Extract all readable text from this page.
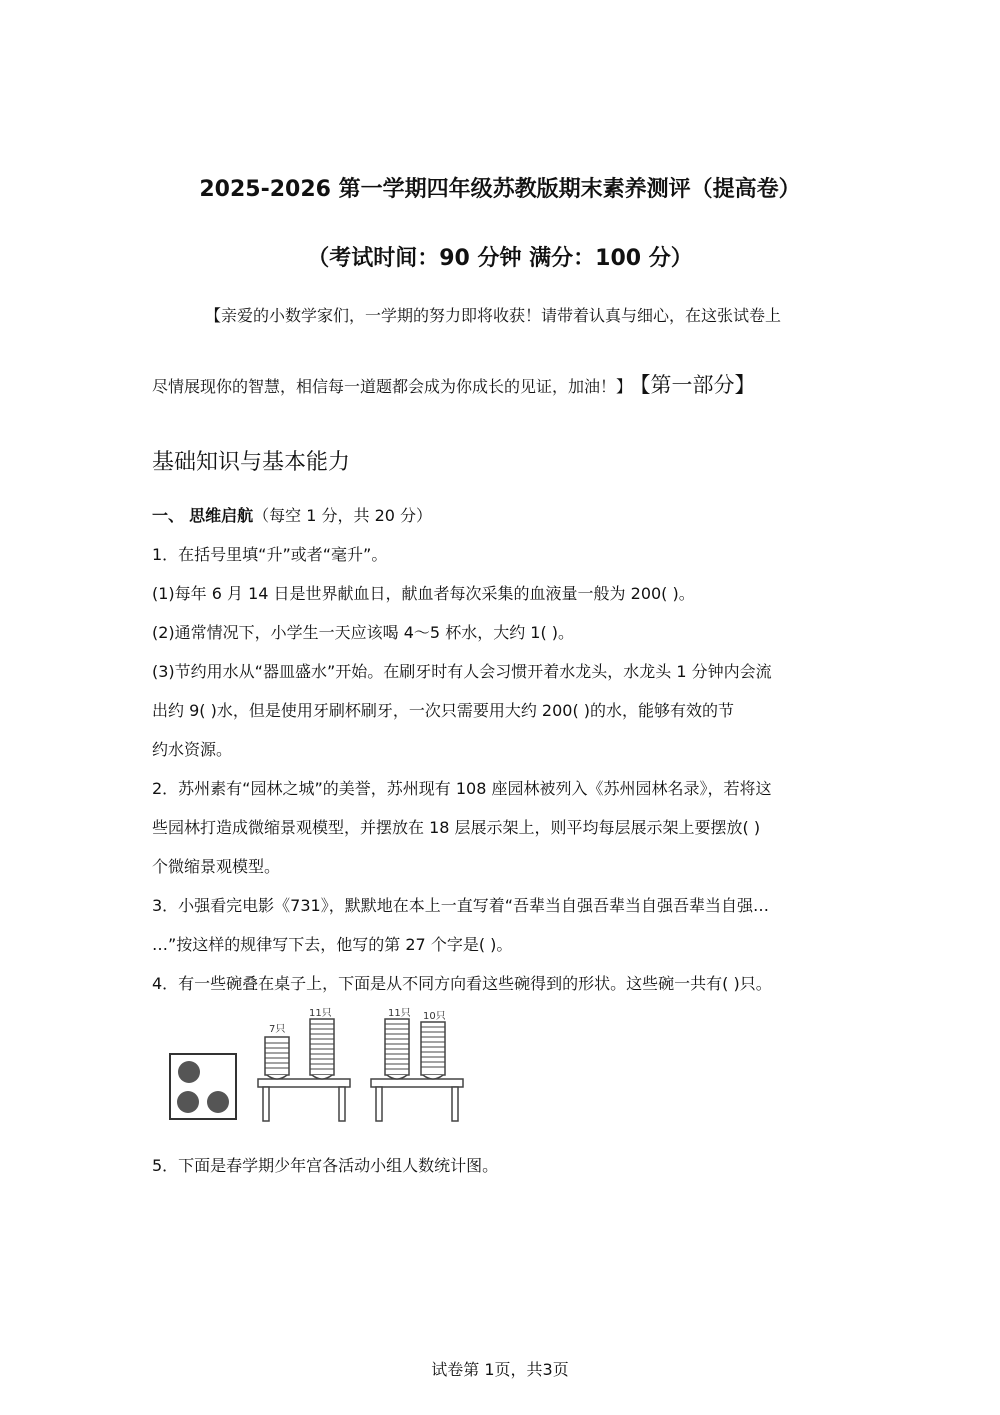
2025-2026 第一学期四年级苏教版期末素养测评（提高卷）
（考试时间：90 分钟 满分：100 分）
【亲爱的小数学家们，一学期的努力即将收获！请带着认真与细心，在这张试卷上
尽情展现你的智慧，相信每一道题都会成为你成长的见证，加油！】 【第一部分】
基础知识与基本能力
一、 思维启航（每空 1 分，共 20 分）
1．在括号里填“升”或者“毫升”。
(1)每年 6 月 14 日是世界献血日，献血者每次采集的血液量一般为 200( )。
(2)通常情况下，小学生一天应该喝 4～5 杯水，大约 1( )。
(3)节约用水从“器皿盛水”开始。在刷牙时有人会习惯开着水龙头，水龙头 1 分钟内会流
出约 9( )水，但是使用牙刷杯刷牙，一次只需要用大约 200( )的水，能够有效的节
约水资源。
2．苏州素有“园林之城”的美誉，苏州现有 108 座园林被列入《苏州园林名录》，若将这
些园林打造成微缩景观模型，并摆放在 18 层展示架上，则平均每层展示架上要摆放( )
个微缩景观模型。
3．小强看完电影《731》，默默地在本上一直写着“吾辈当自强吾辈当自强吾辈当自强…
…”按这样的规律写下去，他写的第 27 个字是( )。
4．有一些碗叠在桌子上，下面是从不同方向看这些碗得到的形状。这些碗一共有( )只。
7只
11只	11只 10只
5．下面是春学期少年宫各活动小组人数统计图。
试卷第 1页，共3页
